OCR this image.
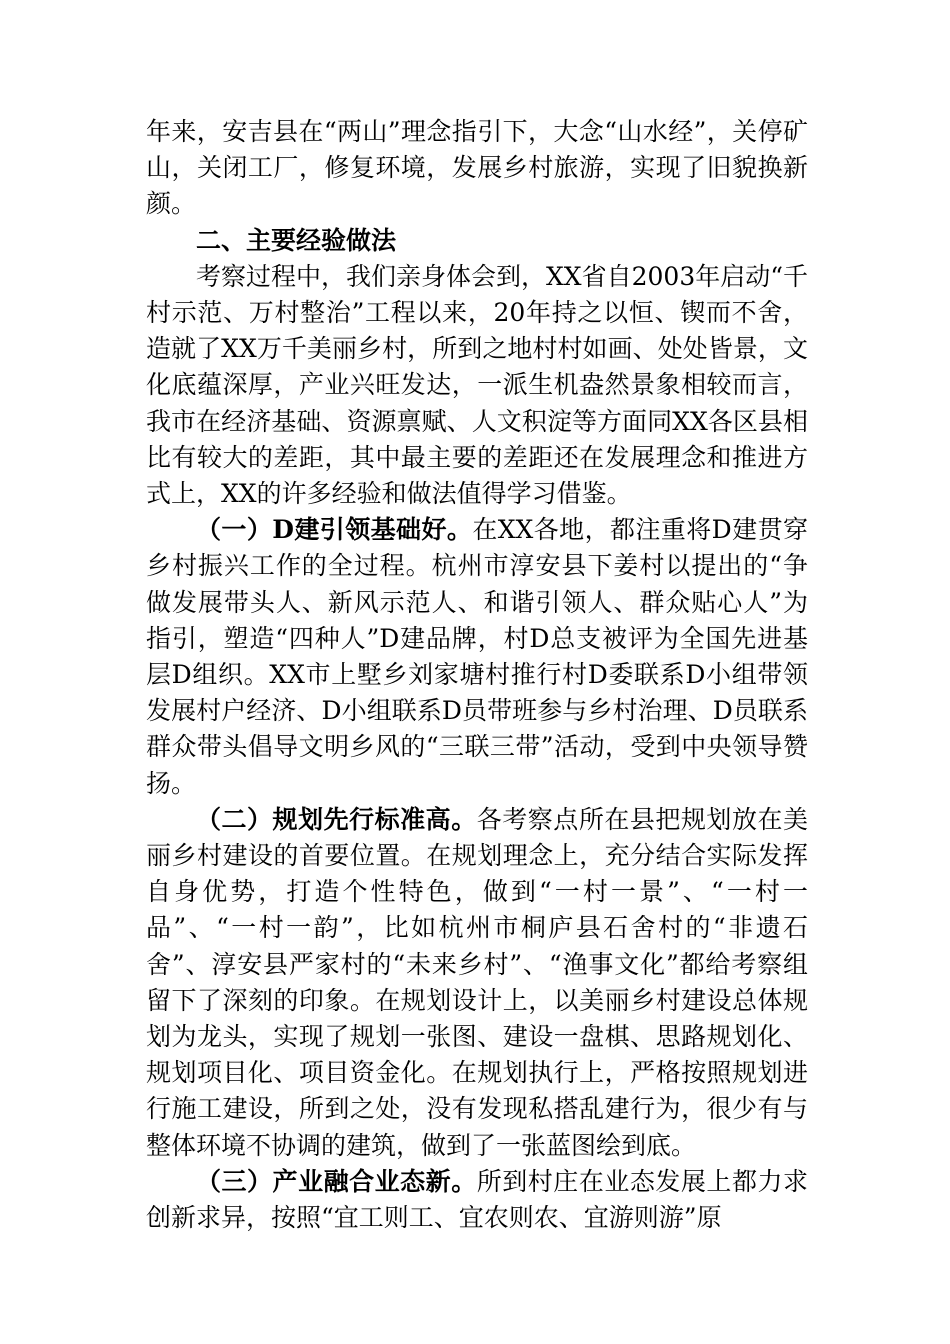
年来，安吉县在“两山”理念指引下，大念“山水经”，关停矿山，关闭工厂，修复环境，发展乡村旅游，实现了旧貌换新颜。

二、主要经验做法

考察过程中，我们亲身体会到，XX省自2003年启动“千村示范、万村整治”工程以来，20年持之以恒、锲而不舍，造就了XX万千美丽乡村，所到之地村村如画、处处皆景，文化底蕴深厚，产业兴旺发达，一派生机盎然景象相较而言，我市在经济基础、资源禀赋、人文积淀等方面同XX各区县相比有较大的差距，其中最主要的差距还在发展理念和推进方式上，XX的许多经验和做法值得学习借鉴。

（一）D建引领基础好。在XX各地，都注重将D建贯穿乡村振兴工作的全过程。杭州市淳安县下姜村以提出的“争做发展带头人、新风示范人、和谐引领人、群众贴心人”为指引，塑造“四种人”D建品牌，村D总支被评为全国先进基层D组织。XX市上墅乡刘家塘村推行村D委联系D小组带领发展村户经济、D小组联系D员带班参与乡村治理、D员联系群众带头倡导文明乡风的“三联三带”活动，受到中央领导赞扬。

（二）规划先行标准高。各考察点所在县把规划放在美丽乡村建设的首要位置。在规划理念上，充分结合实际发挥自身优势，打造个性特色，做到“一村一景”、“一村一品”、“一村一韵”，比如杭州市桐庐县石舍村的“非遗石舍”、淳安县严家村的“未来乡村”、“渔事文化”都给考察组留下了深刻的印象。在规划设计上，以美丽乡村建设总体规划为龙头，实现了规划一张图、建设一盘棋、思路规划化、规划项目化、项目资金化。在规划执行上，严格按照规划进行施工建设，所到之处，没有发现私搭乱建行为，很少有与整体环境不协调的建筑，做到了一张蓝图绘到底。

（三）产业融合业态新。所到村庄在业态发展上都力求创新求异，按照“宜工则工、宜农则农、宜游则游”原
